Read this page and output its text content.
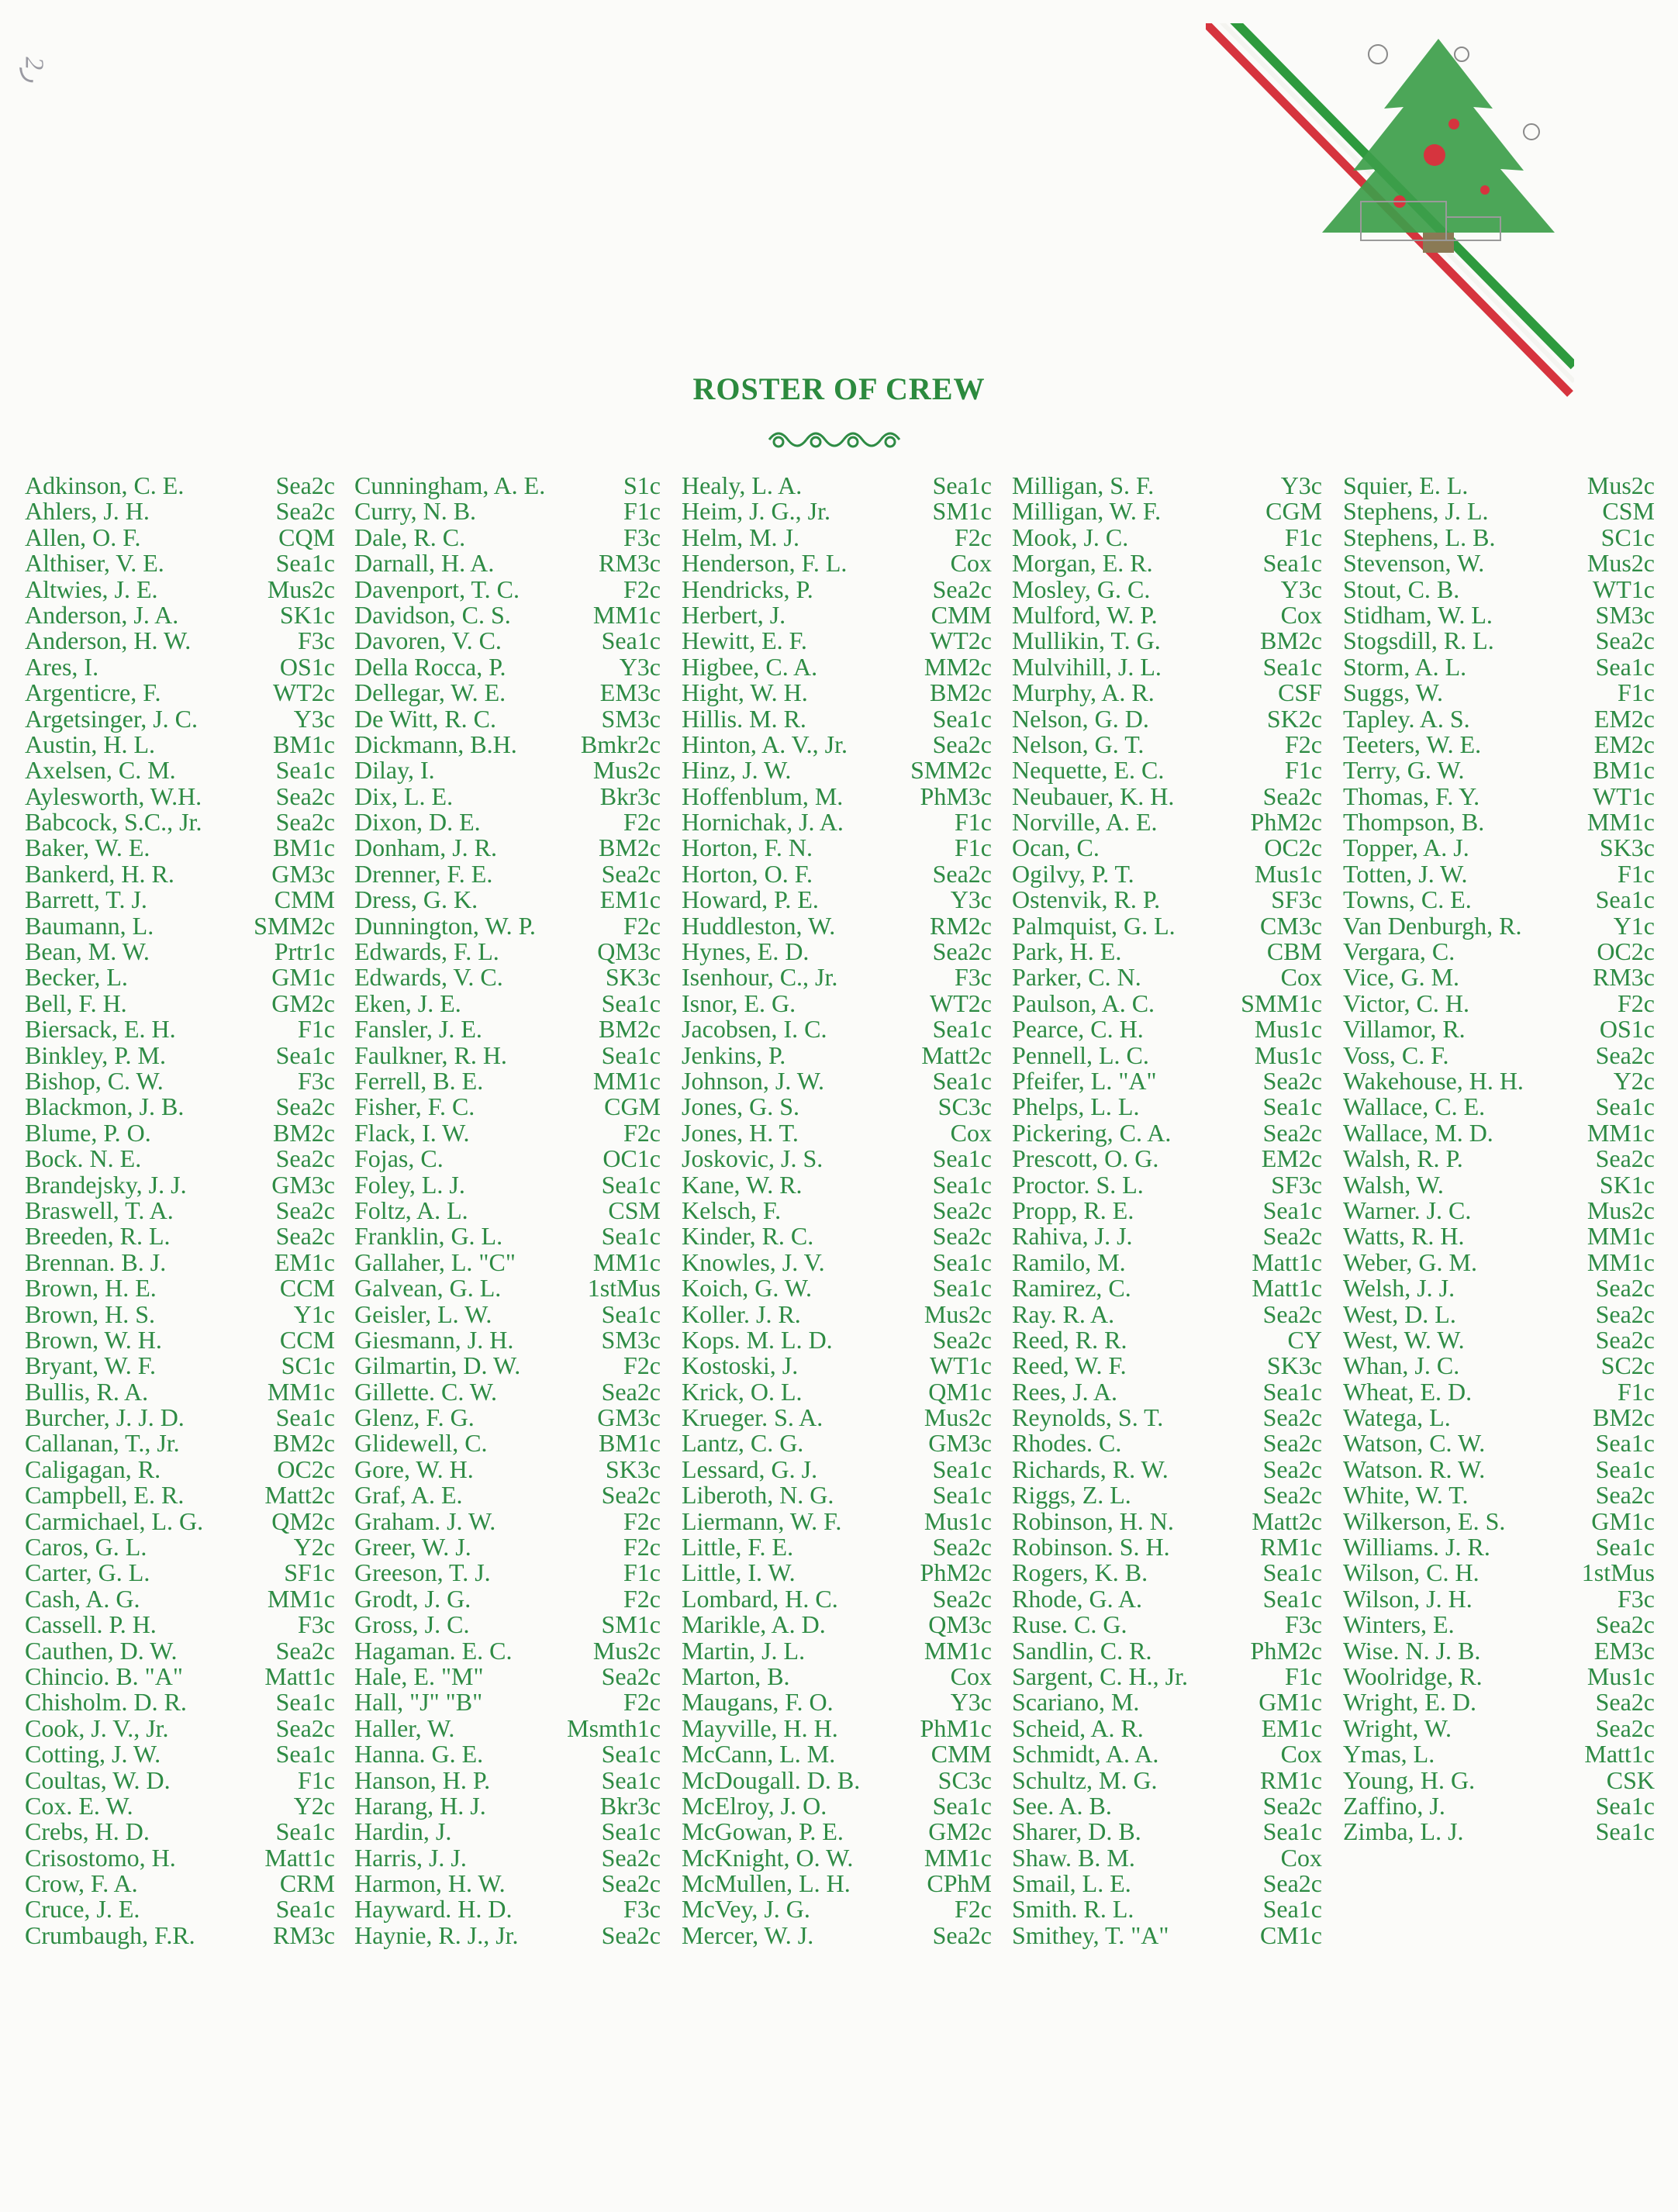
ر2
ROSTER OF CREW
Adkinson, C. E.	Sea2c
Ahlers, J. H.	Sea2c
Allen, O. F.	CQM
Althiser, V. E.	Sea1c
Altwies, J. E.	Mus2c
Anderson, J. A.	SK1c
Anderson, H. W.	F3c
Ares, I.	OS1c
Argenticre, F.	WT2c
Argetsinger, J. C.	Y3c
Austin, H. L.	BM1c
Axelsen, C. M.	Sea1c
Aylesworth, W.H.	Sea2c
Babcock, S.C., Jr.	Sea2c
Baker, W. E.	BM1c
Bankerd, H. R.	GM3c
Barrett, T. J.	CMM
Baumann, L.	SMM2c
Bean, M. W.	Prtr1c
Becker, L.	GM1c
Bell, F. H.	GM2c
Biersack, E. H.	F1c
Binkley, P. M.	Sea1c
Bishop, C. W.	F3c
Blackmon, J. B.	Sea2c
Blume, P. O.	BM2c
Bock. N. E.	Sea2c
Brandejsky, J. J.	GM3c
Braswell, T. A.	Sea2c
Breeden, R. L.	Sea2c
Brennan. B. J.	EM1c
Brown, H. E.	CCM
Brown, H. S.	Y1c
Brown, W. H.	CCM
Bryant, W. F.	SC1c
Bullis, R. A.	MM1c
Burcher, J. J. D.	Sea1c
Callanan, T., Jr.	BM2c
Caligagan, R.	OC2c
Campbell, E. R.	Matt2c
Carmichael, L. G.	QM2c
Caros, G. L.	Y2c
Carter, G. L.	SF1c
Cash, A. G.	MM1c
Cassell. P. H.	F3c
Cauthen, D. W.	Sea2c
Chincio. B. "A"	Matt1c
Chisholm. D. R.	Sea1c
Cook, J. V., Jr.	Sea2c
Cotting, J. W.	Sea1c
Coultas, W. D.	F1c
Cox. E. W.	Y2c
Crebs, H. D.	Sea1c
Crisostomo, H.	Matt1c
Crow, F. A.	CRM
Cruce, J. E.	Sea1c
Crumbaugh, F.R.	RM3c
Cunningham, A. E.	S1c
Curry, N. B.	F1c
Dale, R. C.	F3c
Darnall, H. A.	RM3c
Davenport, T. C.	F2c
Davidson, C. S.	MM1c
Davoren, V. C.	Sea1c
Della Rocca, P.	Y3c
Dellegar, W. E.	EM3c
De Witt, R. C.	SM3c
Dickmann, B.H.	Bmkr2c
Dilay, I.	Mus2c
Dix, L. E.	Bkr3c
Dixon, D. E.	F2c
Donham, J. R.	BM2c
Drenner, F. E.	Sea2c
Dress, G. K.	EM1c
Dunnington, W. P.	F2c
Edwards, F. L.	QM3c
Edwards, V. C.	SK3c
Eken, J. E.	Sea1c
Fansler, J. E.	BM2c
Faulkner, R. H.	Sea1c
Ferrell, B. E.	MM1c
Fisher, F. C.	CGM
Flack, I. W.	F2c
Fojas, C.	OC1c
Foley, L. J.	Sea1c
Foltz, A. L.	CSM
Franklin, G. L.	Sea1c
Gallaher, L. "C"	MM1c
Galvean, G. L.	1stMus
Geisler, L. W.	Sea1c
Giesmann, J. H.	SM3c
Gilmartin, D. W.	F2c
Gillette. C. W.	Sea2c
Glenz, F. G.	GM3c
Glidewell, C.	BM1c
Gore, W. H.	SK3c
Graf, A. E.	Sea2c
Graham. J. W.	F2c
Greer, W. J.	F2c
Greeson, T. J.	F1c
Grodt, J. G.	F2c
Gross, J. C.	SM1c
Hagaman. E. C.	Mus2c
Hale, E. "M"	Sea2c
Hall, "J" "B"	F2c
Haller, W.	Msmth1c
Hanna. G. E.	Sea1c
Hanson, H. P.	Sea1c
Harang, H. J.	Bkr3c
Hardin, J.	Sea1c
Harris, J. J.	Sea2c
Harmon, H. W.	Sea2c
Hayward. H. D.	F3c
Haynie, R. J., Jr.	Sea2c
Healy, L. A.	Sea1c
Heim, J. G., Jr.	SM1c
Helm, M. J.	F2c
Henderson, F. L.	Cox
Hendricks, P.	Sea2c
Herbert, J.	CMM
Hewitt, E. F.	WT2c
Higbee, C. A.	MM2c
Hight, W. H.	BM2c
Hillis. M. R.	Sea1c
Hinton, A. V., Jr.	Sea2c
Hinz, J. W.	SMM2c
Hoffenblum, M.	PhM3c
Hornichak, J. A.	F1c
Horton, F. N.	F1c
Horton, O. F.	Sea2c
Howard, P. E.	Y3c
Huddleston, W.	RM2c
Hynes, E. D.	Sea2c
Isenhour, C., Jr.	F3c
Isnor, E. G.	WT2c
Jacobsen, I. C.	Sea1c
Jenkins, P.	Matt2c
Johnson, J. W.	Sea1c
Jones, G. S.	SC3c
Jones, H. T.	Cox
Joskovic, J. S.	Sea1c
Kane, W. R.	Sea1c
Kelsch, F.	Sea2c
Kinder, R. C.	Sea2c
Knowles, J. V.	Sea1c
Koich, G. W.	Sea1c
Koller. J. R.	Mus2c
Kops. M. L. D.	Sea2c
Kostoski, J.	WT1c
Krick, O. L.	QM1c
Krueger. S. A.	Mus2c
Lantz, C. G.	GM3c
Lessard, G. J.	Sea1c
Liberoth, N. G.	Sea1c
Liermann, W. F.	Mus1c
Little, F. E.	Sea2c
Little, I. W.	PhM2c
Lombard, H. C.	Sea2c
Marikle, A. D.	QM3c
Martin, J. L.	MM1c
Marton, B.	Cox
Maugans, F. O.	Y3c
Mayville, H. H.	PhM1c
McCann, L. M.	CMM
McDougall. D. B.	SC3c
McElroy, J. O.	Sea1c
McGowan, P. E.	GM2c
McKnight, O. W.	MM1c
McMullen, L. H.	CPhM
McVey, J. G.	F2c
Mercer, W. J.	Sea2c
Milligan, S. F.	Y3c
Milligan, W. F.	CGM
Mook, J. C.	F1c
Morgan, E. R.	Sea1c
Mosley, G. C.	Y3c
Mulford, W. P.	Cox
Mullikin, T. G.	BM2c
Mulvihill, J. L.	Sea1c
Murphy, A. R.	CSF
Nelson, G. D.	SK2c
Nelson, G. T.	F2c
Nequette, E. C.	F1c
Neubauer, K. H.	Sea2c
Norville, A. E.	PhM2c
Ocan, C.	OC2c
Ogilvy, P. T.	Mus1c
Ostenvik, R. P.	SF3c
Palmquist, G. L.	CM3c
Park, H. E.	CBM
Parker, C. N.	Cox
Paulson, A. C.	SMM1c
Pearce, C. H.	Mus1c
Pennell, L. C.	Mus1c
Pfeifer, L. "A"	Sea2c
Phelps, L. L.	Sea1c
Pickering, C. A.	Sea2c
Prescott, O. G.	EM2c
Proctor. S. L.	SF3c
Propp, R. E.	Sea1c
Rahiva, J. J.	Sea2c
Ramilo, M.	Matt1c
Ramirez, C.	Matt1c
Ray. R. A.	Sea2c
Reed, R. R.	CY
Reed, W. F.	SK3c
Rees, J. A.	Sea1c
Reynolds, S. T.	Sea2c
Rhodes. C.	Sea2c
Richards, R. W.	Sea2c
Riggs, Z. L.	Sea2c
Robinson, H. N.	Matt2c
Robinson. S. H.	RM1c
Rogers, K. B.	Sea1c
Rhode, G. A.	Sea1c
Ruse. C. G.	F3c
Sandlin, C. R.	PhM2c
Sargent, C. H., Jr.	F1c
Scariano, M.	GM1c
Scheid, A. R.	EM1c
Schmidt, A. A.	Cox
Schultz, M. G.	RM1c
See. A. B.	Sea2c
Sharer, D. B.	Sea1c
Shaw. B. M.	Cox
Smail, L. E.	Sea2c
Smith. R. L.	Sea1c
Smithey, T. "A"	CM1c
Squier, E. L.	Mus2c
Stephens, J. L.	CSM
Stephens, L. B.	SC1c
Stevenson, W.	Mus2c
Stout, C. B.	WT1c
Stidham, W. L.	SM3c
Stogsdill, R. L.	Sea2c
Storm, A. L.	Sea1c
Suggs, W.	F1c
Tapley. A. S.	EM2c
Teeters, W. E.	EM2c
Terry, G. W.	BM1c
Thomas, F. Y.	WT1c
Thompson, B.	MM1c
Topper, A. J.	SK3c
Totten, J. W.	F1c
Towns, C. E.	Sea1c
Van Denburgh, R.	Y1c
Vergara, C.	OC2c
Vice, G. M.	RM3c
Victor, C. H.	F2c
Villamor, R.	OS1c
Voss, C. F.	Sea2c
Wakehouse, H. H.	Y2c
Wallace, C. E.	Sea1c
Wallace, M. D.	MM1c
Walsh, R. P.	Sea2c
Walsh, W.	SK1c
Warner. J. C.	Mus2c
Watts, R. H.	MM1c
Weber, G. M.	MM1c
Welsh, J. J.	Sea2c
West, D. L.	Sea2c
West, W. W.	Sea2c
Whan, J. C.	SC2c
Wheat, E. D.	F1c
Watega, L.	BM2c
Watson, C. W.	Sea1c
Watson. R. W.	Sea1c
White, W. T.	Sea2c
Wilkerson, E. S.	GM1c
Williams. J. R.	Sea1c
Wilson, C. H.	1stMus
Wilson, J. H.	F3c
Winters, E.	Sea2c
Wise. N. J. B.	EM3c
Woolridge, R.	Mus1c
Wright, E. D.	Sea2c
Wright, W.	Sea2c
Ymas, L.	Matt1c
Young, H. G.	CSK
Zaffino, J.	Sea1c
Zimba, L. J.	Sea1c
